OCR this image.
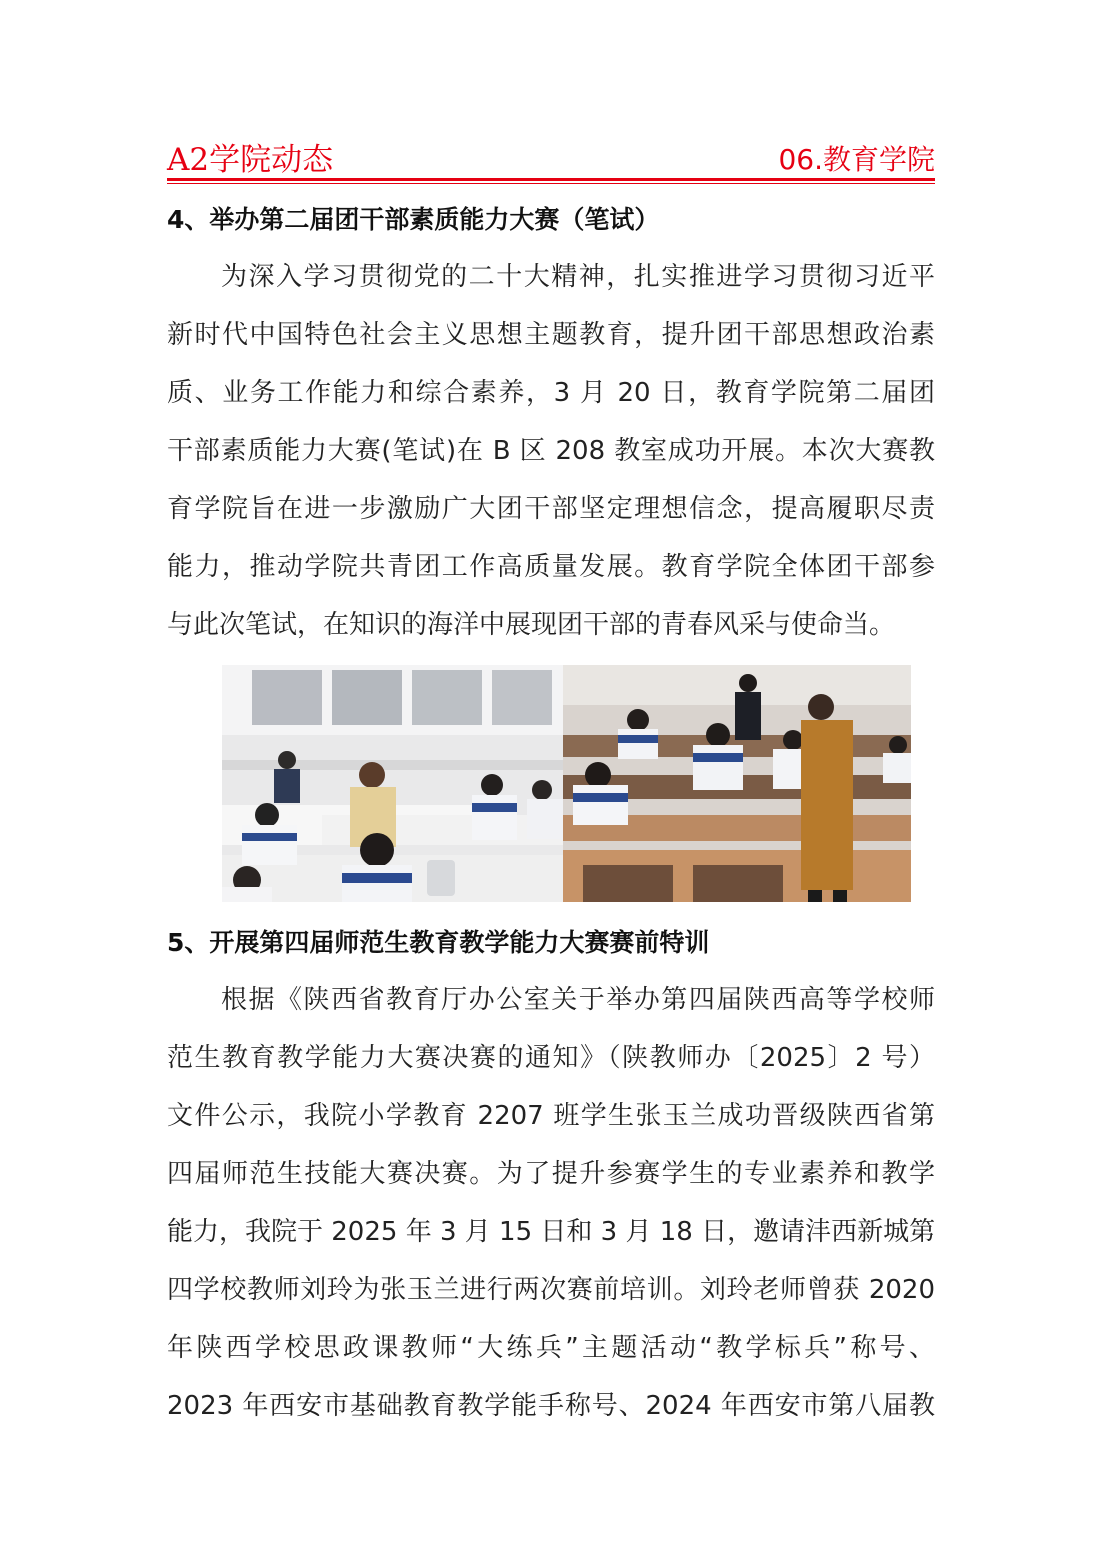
A2学院动态	06.教育学院
4、举办第二届团干部素质能力大赛（笔试）
为深入学习贯彻党的二十大精神，扎实推进学习贯彻习近平
新时代中国特色社会主义思想主题教育，提升团干部思想政治素
质、业务工作能力和综合素养，3 月 20 日，教育学院第二届团
干部素质能力大赛(笔试)在 B 区 208 教室成功开展。本次大赛教
育学院旨在进一步激励广大团干部坚定理想信念，提高履职尽责
能力，推动学院共青团工作高质量发展。教育学院全体团干部参
与此次笔试，在知识的海洋中展现团干部的青春风采与使命当。
5、开展第四届师范生教育教学能力大赛赛前特训
根据《陕西省教育厅办公室关于举办第四届陕西高等学校师
范生教育教学能力大赛决赛的通知》（陕教师办〔2025〕2 号）
文件公示，我院小学教育 2207 班学生张玉兰成功晋级陕西省第
四届师范生技能大赛决赛。为了提升参赛学生的专业素养和教学
能力，我院于 2025 年 3 月 15 日和 3 月 18 日，邀请沣西新城第
四学校教师刘玲为张玉兰进行两次赛前培训。刘玲老师曾获 2020
年陕西学校思政课教师“大练兵”主题活动“教学标兵”称号、
2023 年西安市基础教育教学能手称号、2024 年西安市第八届教
